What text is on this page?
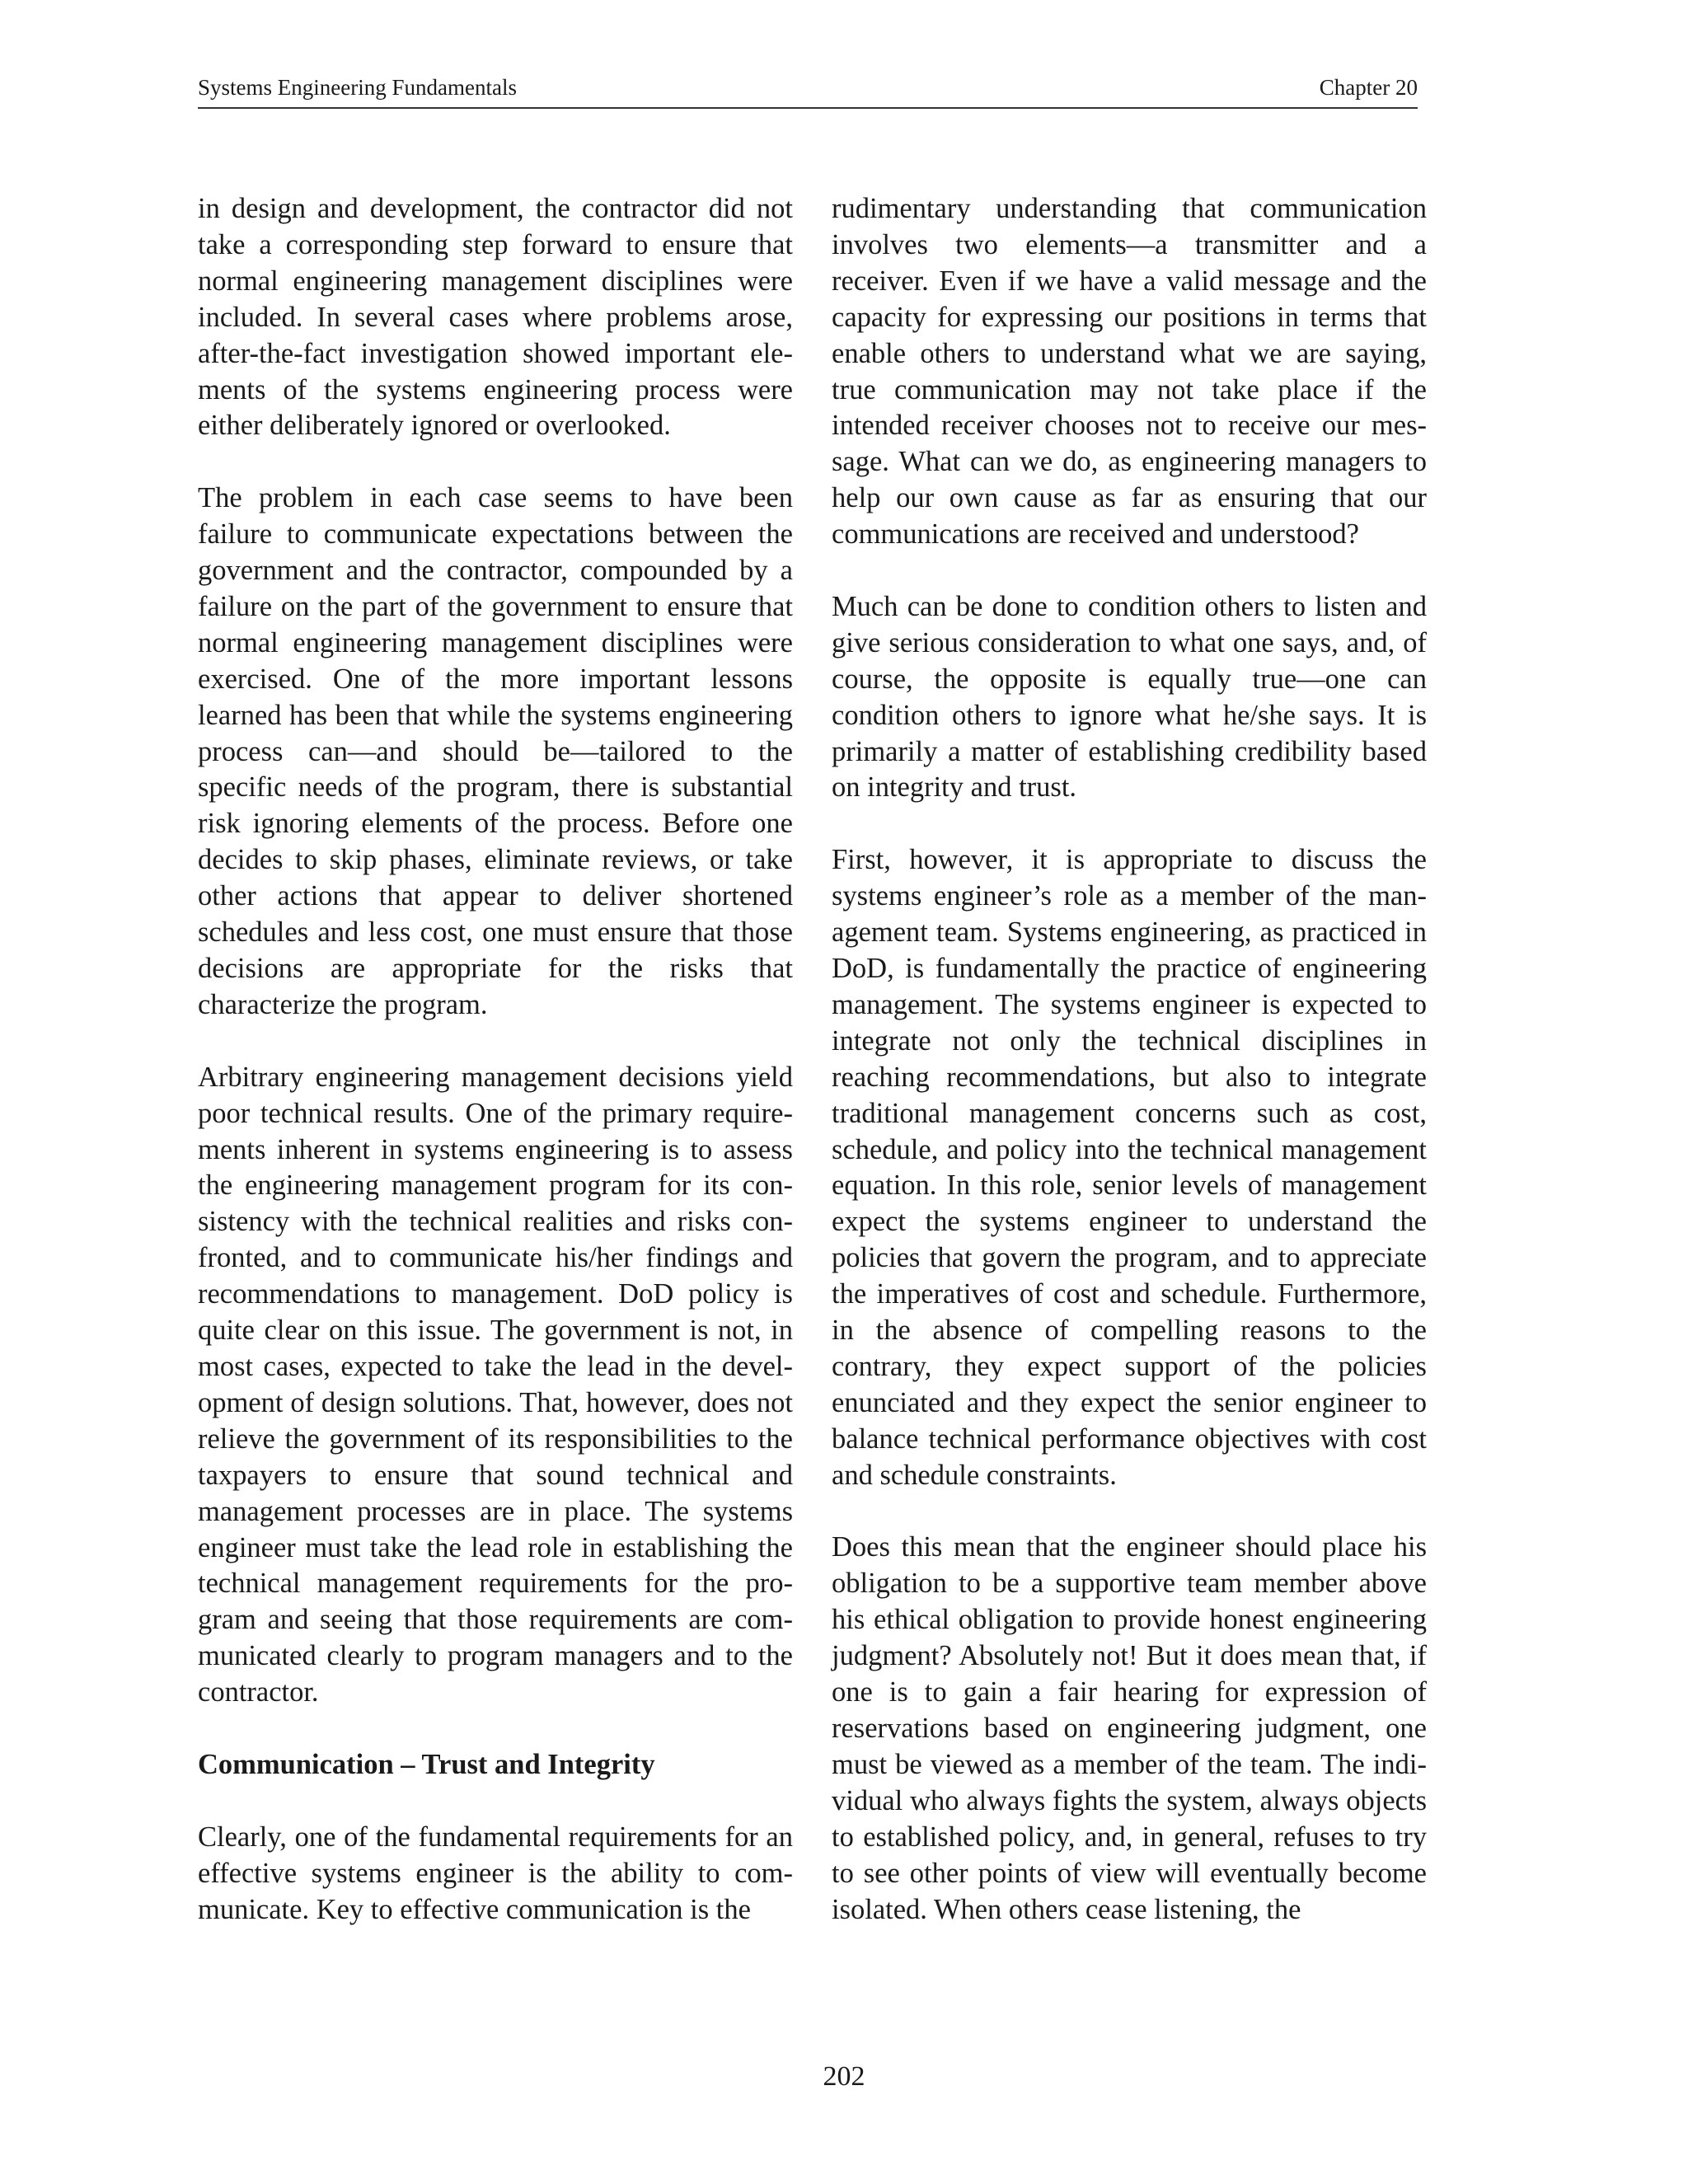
Systems Engineering Fundamentals	Chapter 20

in design and development, the contractor did not take a corresponding step forward to ensure that normal engineering management disciplines were included. In several cases where problems arose, after-the-fact investigation showed important elements of the systems engineering process were either deliberately ignored or overlooked.

The problem in each case seems to have been failure to communicate expectations between the government and the contractor, compounded by a failure on the part of the government to ensure that normal engineering management disciplines were exercised. One of the more important lessons learned has been that while the systems engineering process can—and should be—tailored to the specific needs of the program, there is substantial risk ignoring elements of the process. Before one decides to skip phases, eliminate reviews, or take other actions that appear to deliver shortened schedules and less cost, one must ensure that those decisions are appropriate for the risks that characterize the program.

Arbitrary engineering management decisions yield poor technical results. One of the primary requirements inherent in systems engineering is to assess the engineering management program for its consistency with the technical realities and risks confronted, and to communicate his/her findings and recommendations to management. DoD policy is quite clear on this issue. The government is not, in most cases, expected to take the lead in the development of design solutions. That, however, does not relieve the government of its responsibilities to the taxpayers to ensure that sound technical and management processes are in place. The systems engineer must take the lead role in establishing the technical management requirements for the program and seeing that those requirements are communicated clearly to program managers and to the contractor.

Communication – Trust and Integrity

Clearly, one of the fundamental requirements for an effective systems engineer is the ability to communicate. Key to effective communication is the

rudimentary understanding that communication involves two elements—a transmitter and a receiver. Even if we have a valid message and the capacity for expressing our positions in terms that enable others to understand what we are saying, true communication may not take place if the intended receiver chooses not to receive our message. What can we do, as engineering managers to help our own cause as far as ensuring that our communications are received and understood?

Much can be done to condition others to listen and give serious consideration to what one says, and, of course, the opposite is equally true—one can condition others to ignore what he/she says. It is primarily a matter of establishing credibility based on integrity and trust.

First, however, it is appropriate to discuss the systems engineer’s role as a member of the management team. Systems engineering, as practiced in DoD, is fundamentally the practice of engineering management. The systems engineer is expected to integrate not only the technical disciplines in reaching recommendations, but also to integrate traditional management concerns such as cost, schedule, and policy into the technical management equation. In this role, senior levels of management expect the systems engineer to understand the policies that govern the program, and to appreciate the imperatives of cost and schedule. Furthermore, in the absence of compelling reasons to the contrary, they expect support of the policies enunciated and they expect the senior engineer to balance technical performance objectives with cost and schedule constraints.

Does this mean that the engineer should place his obligation to be a supportive team member above his ethical obligation to provide honest engineering judgment? Absolutely not! But it does mean that, if one is to gain a fair hearing for expression of reservations based on engineering judgment, one must be viewed as a member of the team. The individual who always fights the system, always objects to established policy, and, in general, refuses to try to see other points of view will eventually become isolated. When others cease listening, the

202
